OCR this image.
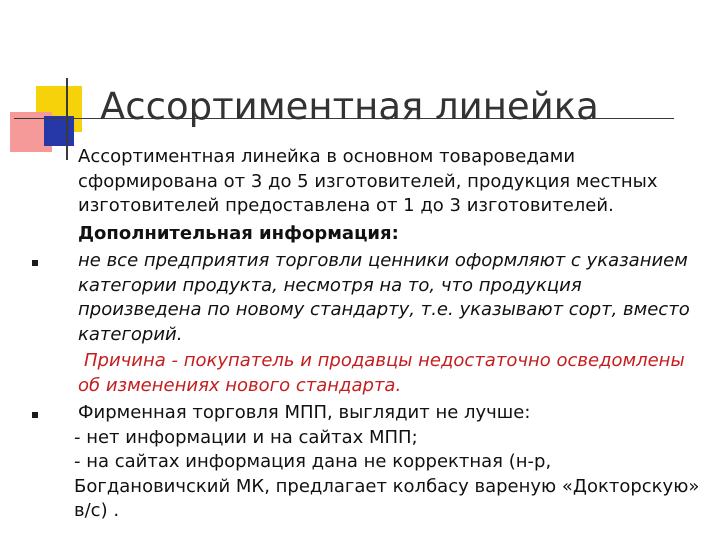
Ассортиментная линейка

Ассортиментная линейка в основном товароведами сформирована от 3 до 5 изготовителей, продукция местных изготовителей предоставлена от 1 до 3 изготовителей.

Дополнительная информация:

не все предприятия торговли ценники оформляют с указанием категории продукта, несмотря на то, что продукция произведена по новому стандарту, т.е. указывают сорт, вместо категорий.

Причина - покупатель и продавцы недостаточно осведомлены об изменениях нового стандарта.

Фирменная торговля МПП, выглядит не лучше:

- нет информации и на сайтах МПП;

- на сайтах информация дана не корректная (н-р, Богдановичский МК, предлагает колбасу вареную «Докторскую» в/с) .
